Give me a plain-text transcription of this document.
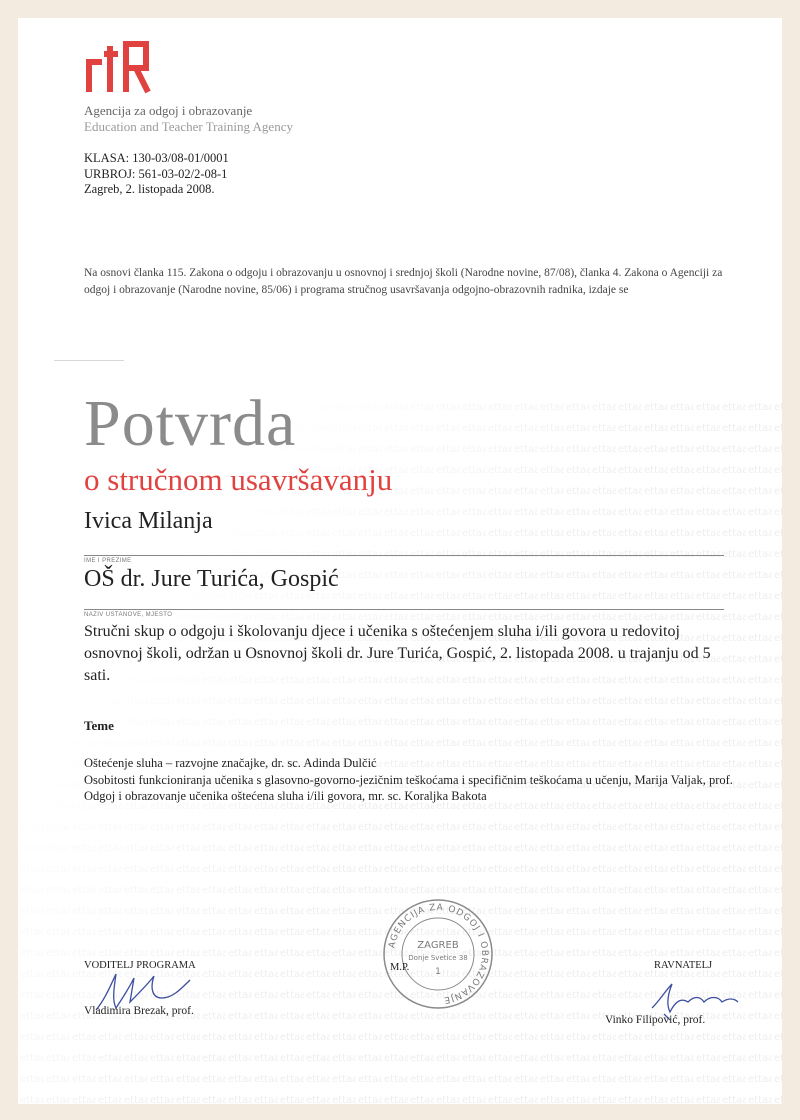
Agencija za odgoj i obrazovanje
Education and Teacher Training Agency
KLASA: 130-03/08-01/0001
URBROJ: 561-03-02/2-08-1
Zagreb, 2. listopada 2008.
Na osnovi članka 115. Zakona o odgoju i obrazovanju u osnovnoj i srednjoj školi (Narodne novine, 87/08), članka 4. Zakona o Agenciji za odgoj i obrazovanje (Narodne novine, 85/06) i programa stručnog usavršavanja odgojno-obrazovnih radnika, izdaje se
Potvrda
o stručnom usavršavanju
Ivica Milanja
IME I PREZIME
OŠ dr. Jure Turića, Gospić
NAZIV USTANOVE, MJESTO
Stručni skup o odgoju i školovanju djece i učenika s oštećenjem sluha i/ili govora u redovitoj osnovnoj školi, održan u Osnovnoj školi dr. Jure Turića, Gospić, 2. listopada 2008. u trajanju od 5 sati.
Teme
Oštećenje sluha – razvojne značajke, dr. sc. Adinda Dulčić
Osobitosti funkcioniranja učenika s glasovno-govorno-jezičnim teškoćama i specifičnim teškoćama u učenju, Marija Valjak, prof.
Odgoj i obrazovanje učenika oštećena sluha i/ili govora, mr. sc. Koraljka Bakota
AGENCIJA ZA ODGOJ I OBRAZOVANJE
ZAGREB
Donje Svetice 38
1
VODITELJ PROGRAMA	M.P.	RAVNATELJ
Vladimira Brezak, prof.
Vinko Filipović, prof.
